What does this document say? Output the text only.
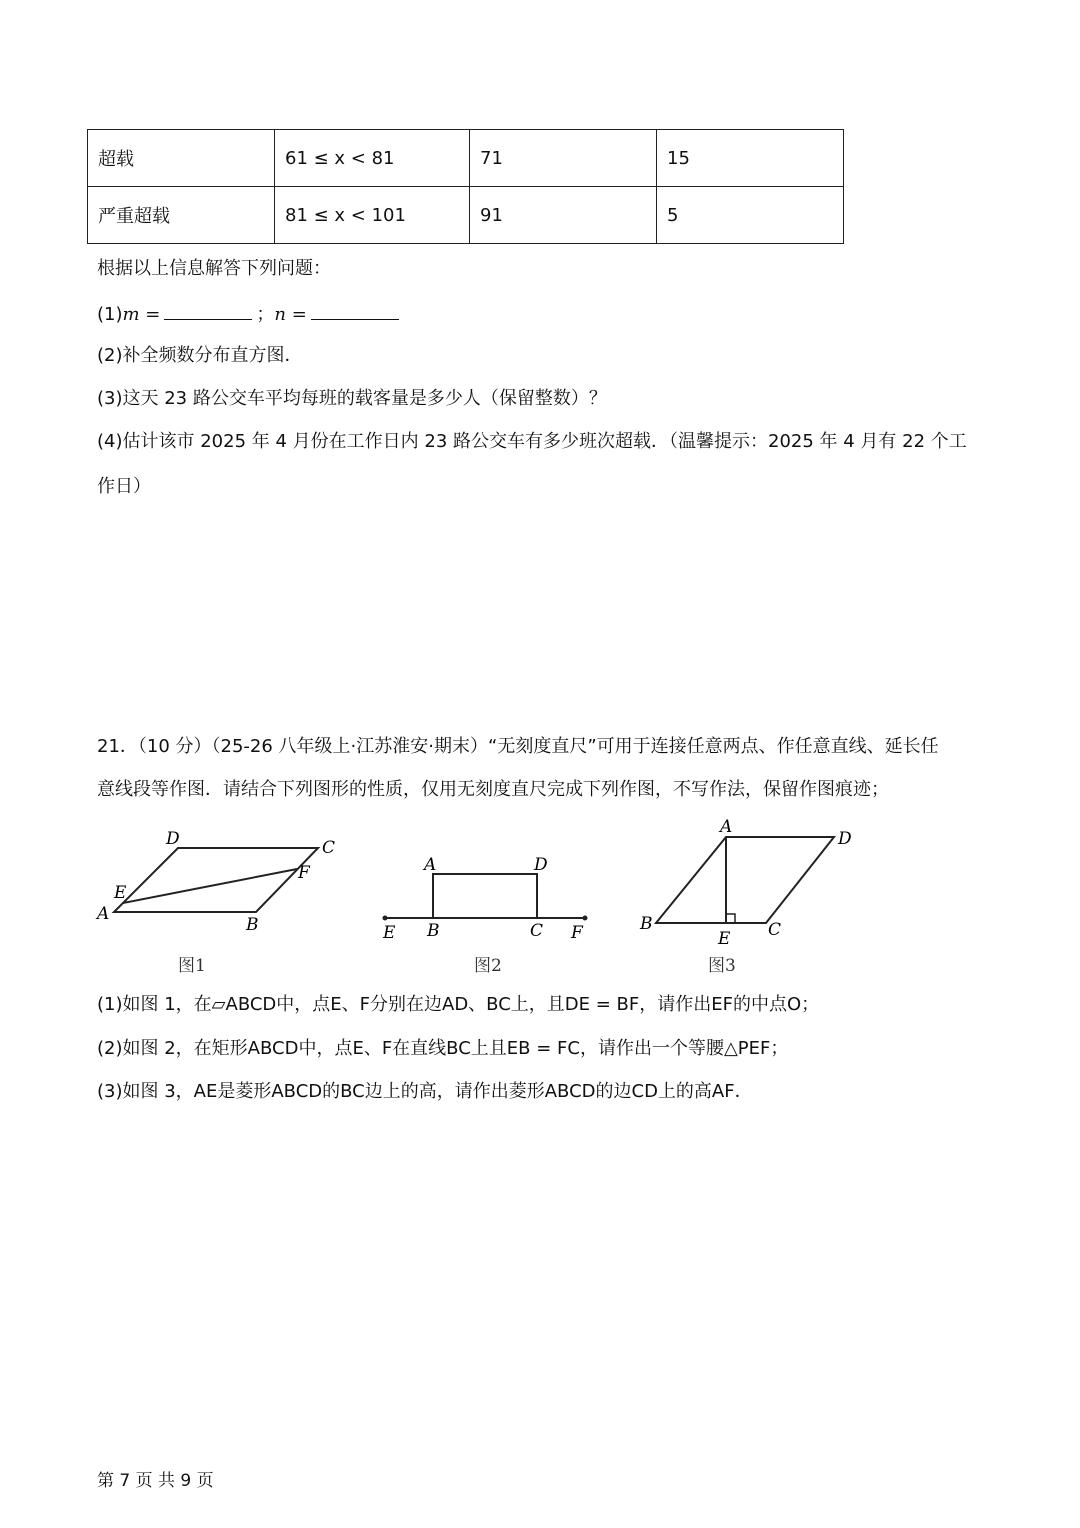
超载	61 ≤ x < 81	71	15
严重超载	81 ≤ x < 101	91	5
根据以上信息解答下列问题：
(1)m =	；n =
(2)补全频数分布直方图．
(3)这天 23 路公交车平均每班的载客量是多少人（保留整数）？
(4)估计该市 2025 年 4 月份在工作日内 23 路公交车有多少班次超载．（温馨提示：2025 年 4 月有 22 个工
作日）
21．（10 分）（25-26 八年级上·江苏淮安·期末）“无刻度直尺”可用于连接任意两点、作任意直线、延长任
意线段等作图．请结合下列图形的性质，仅用无刻度直尺完成下列作图，不写作法，保留作图痕迹；
D	C
F
E
A
B
图1
A	D
E B	C F
图2
A
D
B
E C
图3
(1)如图 1，在▱ABCD中，点E、F分别在边AD、BC上，且DE = BF，请作出EF的中点O；
(2)如图 2，在矩形ABCD中，点E、F在直线BC上且EB = FC，请作出一个等腰△PEF；
(3)如图 3，AE是菱形ABCD的BC边上的高，请作出菱形ABCD的边CD上的高AF．
第 7 页 共 9 页
